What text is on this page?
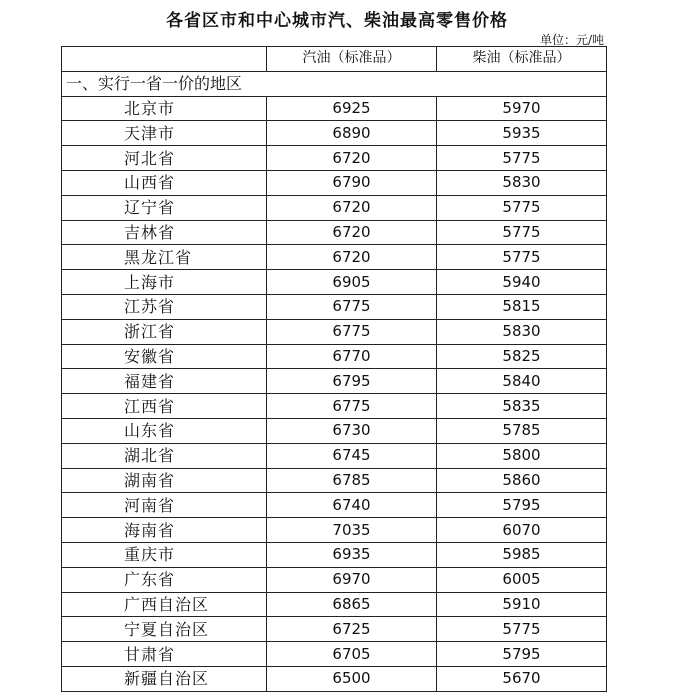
各省区市和中心城市汽、柴油最高零售价格
单位：元/吨
	汽油（标准品）	柴油（标准品）
一、实行一省一价的地区		
北京市	6925	5970
天津市	6890	5935
河北省	6720	5775
山西省	6790	5830
辽宁省	6720	5775
吉林省	6720	5775
黑龙江省	6720	5775
上海市	6905	5940
江苏省	6775	5815
浙江省	6775	5830
安徽省	6770	5825
福建省	6795	5840
江西省	6775	5835
山东省	6730	5785
湖北省	6745	5800
湖南省	6785	5860
河南省	6740	5795
海南省	7035	6070
重庆市	6935	5985
广东省	6970	6005
广西自治区	6865	5910
宁夏自治区	6725	5775
甘肃省	6705	5795
新疆自治区	6500	5670
